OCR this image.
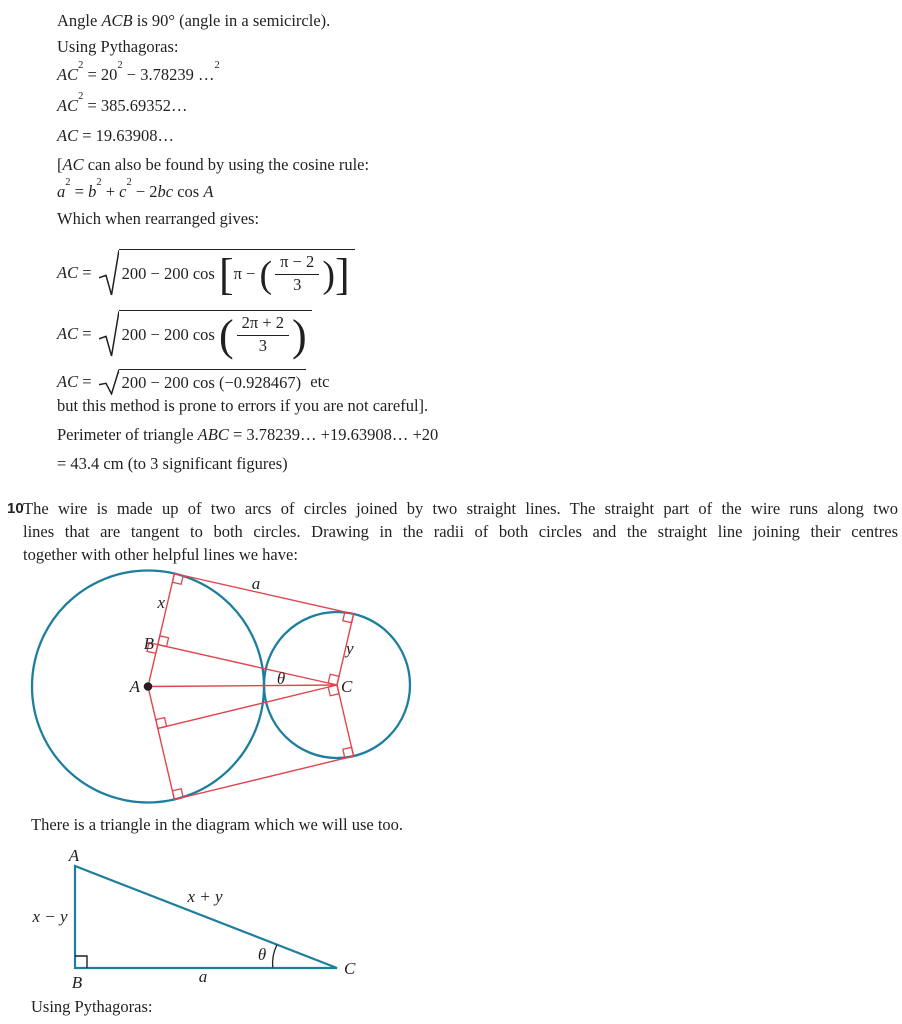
Angle ACB is 90° (angle in a semicircle).
Using Pythagoras:
$AC^2 = 20^2 - 3.78239$ …$^2$
$AC^2$ = 385.69352…
AC = 19.63908…
[AC can also be found by using the cosine rule:
$a^2 = b^2 + c^2 - 2bc$ cos A
Which when rearranged gives:
AC = 200 − 200 cos [ π − ( $\frac{\pi - 2}{3}$ ) ]
AC = 200 − 200 cos ( $\frac{2\pi + 2}{3}$ )
AC = 200 − 200 cos (−0.928467) etc
but this method is prone to errors if you are not careful].
Perimeter of triangle ABC = 3.78239… +19.63908… +20
= 43.4 cm (to 3 significant figures)
10 The wire is made up of two arcs of circles joined by two straight lines. The straight part of the wire runs along two
lines that are tangent to both circles. Drawing in the radii of both circles and the straight line joining their centres
together with other helpful lines we have:
A
B
C
x
y
a
θ
There is a triangle in the diagram which we will use too.
A
B
C
x − y
x + y
a
θ
Using Pythagoras:
